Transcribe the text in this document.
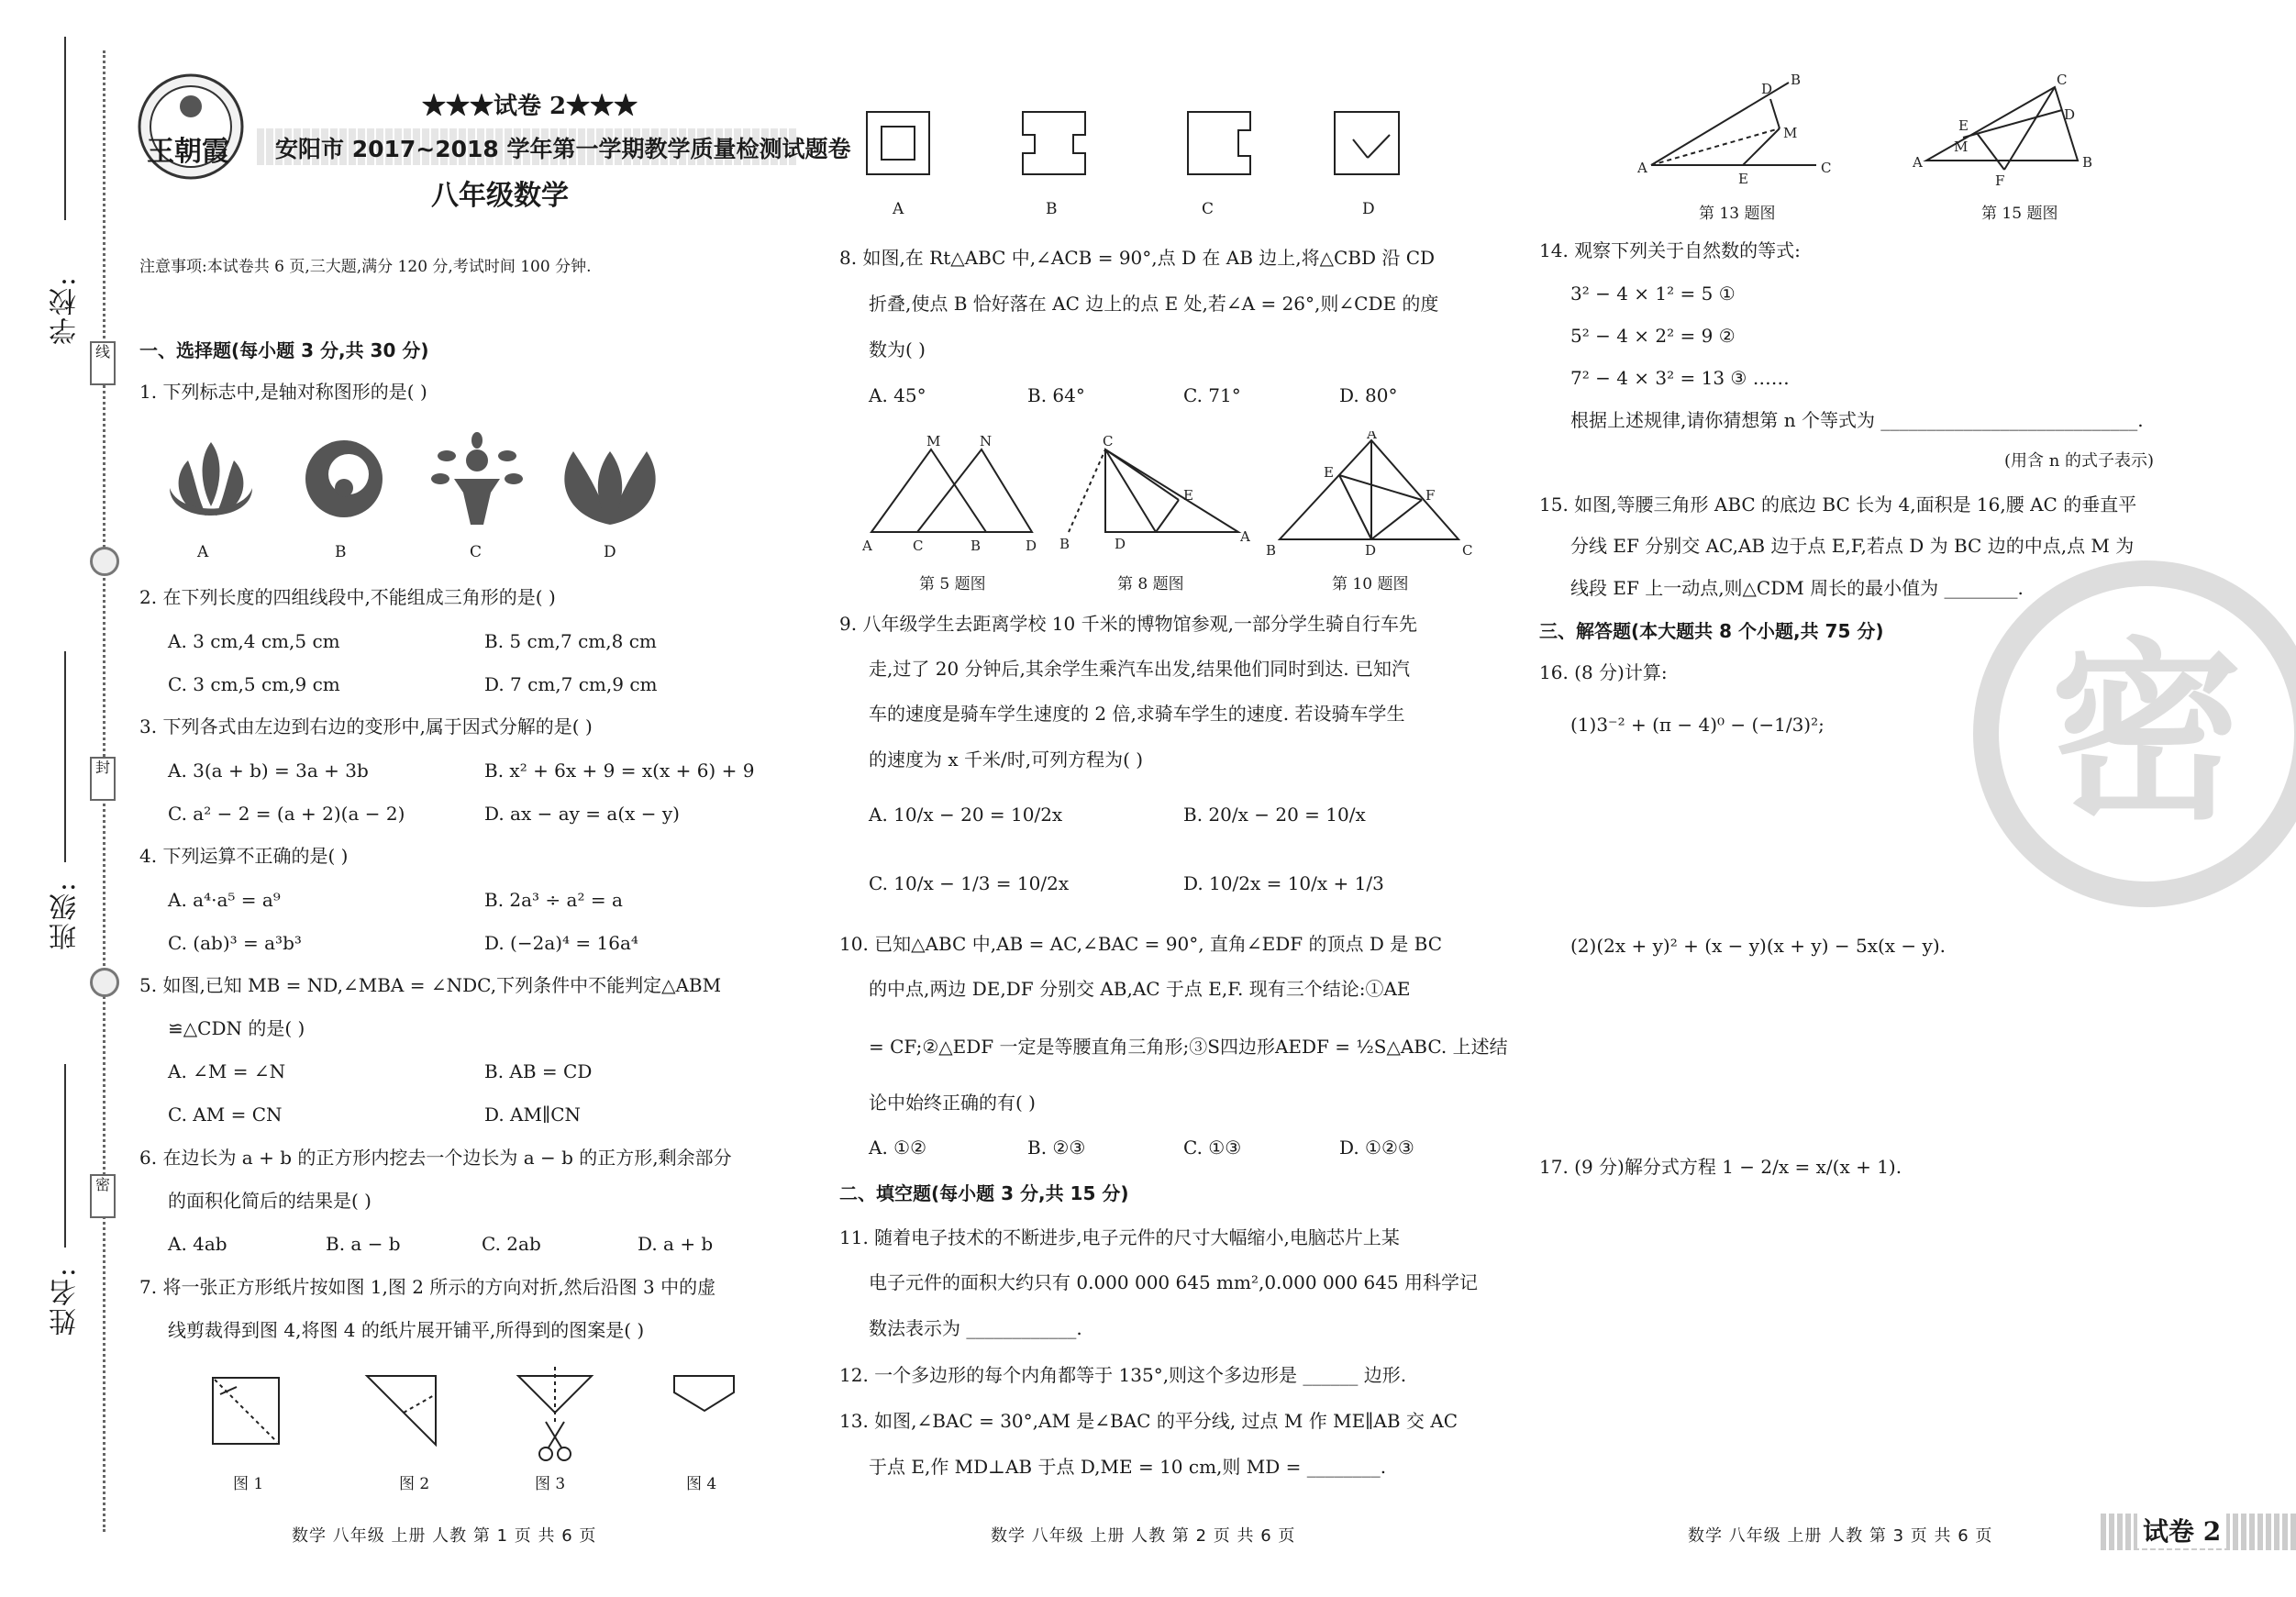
学校:
班级:
姓名:
线
封
密
王朝霞
★★★试卷 2★★★
安阳市 2017~2018 学年第一学期教学质量检测试题卷
八年级数学
注意事项:本试卷共 6 页,三大题,满分 120 分,考试时间 100 分钟.
一、选择题(每小题 3 分,共 30 分)
1. 下列标志中,是轴对称图形的是( )
A	B	C	D
2. 在下列长度的四组线段中,不能组成三角形的是( )
A. 3 cm,4 cm,5 cm	B. 5 cm,7 cm,8 cm
C. 3 cm,5 cm,9 cm	D. 7 cm,7 cm,9 cm
3. 下列各式由左边到右边的变形中,属于因式分解的是( )
A. 3(a + b) = 3a + 3b	B. x² + 6x + 9 = x(x + 6) + 9
C. a² − 2 = (a + 2)(a − 2)	D. ax − ay = a(x − y)
4. 下列运算不正确的是( )
A. a⁴·a⁵ = a⁹	B. 2a³ ÷ a² = a
C. (ab)³ = a³b³	D. (−2a)⁴ = 16a⁴
5. 如图,已知 MB = ND,∠MBA = ∠NDC,下列条件中不能判定△ABM
≌△CDN 的是( )
A. ∠M = ∠N	B. AB = CD
C. AM = CN	D. AM∥CN
6. 在边长为 a + b 的正方形内挖去一个边长为 a − b 的正方形,剩余部分
的面积化简后的结果是( )
A. 4ab	B. a − b	C. 2ab	D. a + b
7. 将一张正方形纸片按如图 1,图 2 所示的方向对折,然后沿图 3 中的虚
线剪裁得到图 4,将图 4 的纸片展开铺平,所得到的图案是( )
图 1	图 2	图 3	图 4
数学 八年级 上册 人教 第 1 页 共 6 页
A	B	C	D
8. 如图,在 Rt△ABC 中,∠ACB = 90°,点 D 在 AB 边上,将△CBD 沿 CD
折叠,使点 B 恰好落在 AC 边上的点 E 处,若∠A = 26°,则∠CDE 的度
数为( )
A. 45°	B. 64°	C. 71°	D. 80°
A	C	B	D
M	N	C
B	D
E
A
A
E
F
B	D	C
第 5 题图	第 8 题图	第 10 题图
9. 八年级学生去距离学校 10 千米的博物馆参观,一部分学生骑自行车先
走,过了 20 分钟后,其余学生乘汽车出发,结果他们同时到达. 已知汽
车的速度是骑车学生速度的 2 倍,求骑车学生的速度. 若设骑车学生
的速度为 x 千米/时,可列方程为( )
A. 10/x − 20 = 10/2x	B. 20/x − 20 = 10/x
C. 10/x − 1/3 = 10/2x	D. 10/2x = 10/x + 1/3
10. 已知△ABC 中,AB = AC,∠BAC = 90°, 直角∠EDF 的顶点 D 是 BC
的中点,两边 DE,DF 分别交 AB,AC 于点 E,F. 现有三个结论:①AE
= CF;②△EDF 一定是等腰直角三角形;③S四边形AEDF = ½S△ABC. 上述结
论中始终正确的有( )
A. ①②	B. ②③	C. ①③	D. ①②③
二、填空题(每小题 3 分,共 15 分)
11. 随着电子技术的不断进步,电子元件的尺寸大幅缩小,电脑芯片上某
电子元件的面积大约只有 0.000 000 645 mm²,0.000 000 645 用科学记
数法表示为 ____________.
12. 一个多边形的每个内角都等于 135°,则这个多边形是 ______ 边形.
13. 如图,∠BAC = 30°,AM 是∠BAC 的平分线, 过点 M 作 ME∥AB 交 AC
于点 E,作 MD⊥AB 于点 D,ME = 10 cm,则 MD = ________.
数学 八年级 上册 人教 第 2 页 共 6 页
A
E
C
M
D
B
A
C
B
D
E
M
F
第 13 题图	第 15 题图
14. 观察下列关于自然数的等式:
3² − 4 × 1² = 5 ①
5² − 4 × 2² = 9 ②
7² − 4 × 3² = 13 ③ ……
根据上述规律,请你猜想第 n 个等式为 ____________________________.
(用含 n 的式子表示)
15. 如图,等腰三角形 ABC 的底边 BC 长为 4,面积是 16,腰 AC 的垂直平
分线 EF 分别交 AC,AB 边于点 E,F,若点 D 为 BC 边的中点,点 M 为
线段 EF 上一动点,则△CDM 周长的最小值为 ________.
三、解答题(本大题共 8 个小题,共 75 分)
16. (8 分)计算:
(1)3⁻² + (π − 4)⁰ − (−1/3)²;
(2)(2x + y)² + (x − y)(x + y) − 5x(x − y).
17. (9 分)解分式方程 1 − 2/x = x/(x + 1).
密
数学 八年级 上册 人教 第 3 页 共 6 页	试卷 2
